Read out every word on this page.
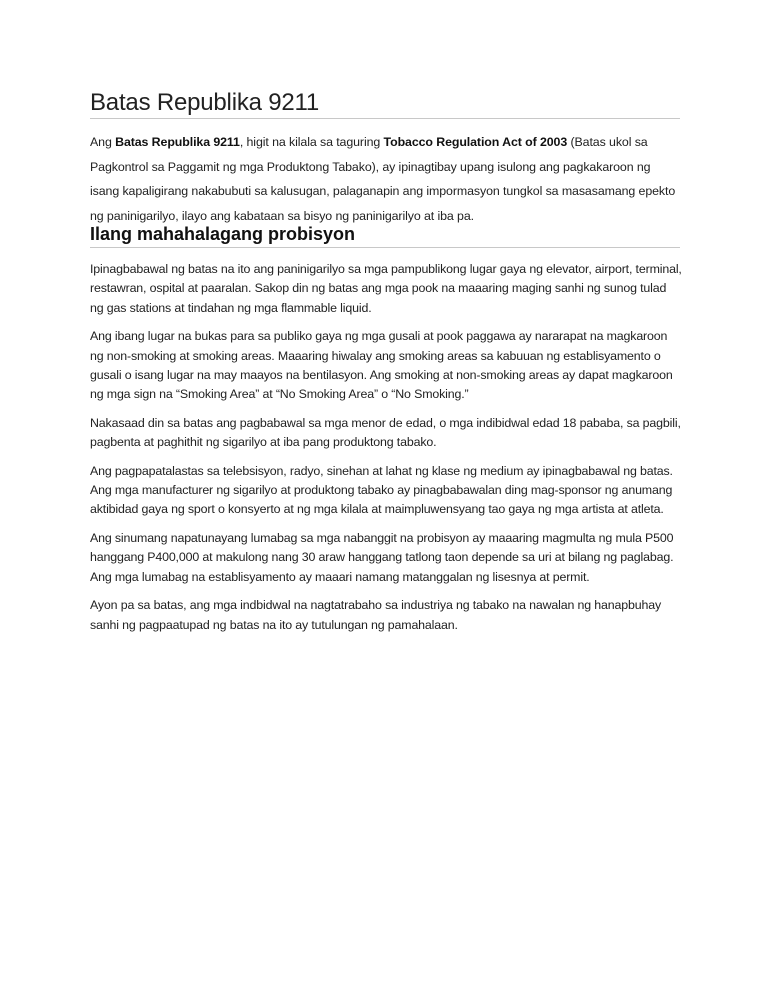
Batas Republika 9211

Ang Batas Republika 9211, higit na kilala sa taguring Tobacco Regulation Act of 2003 (Batas ukol sa Pagkontrol sa Paggamit ng mga Produktong Tabako), ay ipinagtibay upang isulong ang pagkakaroon ng isang kapaligirang nakabubuti sa kalusugan, palaganapin ang impormasyon tungkol sa masasamang epekto ng paninigarilyo, ilayo ang kabataan sa bisyo ng paninigarilyo at iba pa.

Ilang mahahalagang probisyon

Ipinagbabawal ng batas na ito ang paninigarilyo sa mga pampublikong lugar gaya ng elevator, airport, terminal, restawran, ospital at paaralan. Sakop din ng batas ang mga pook na maaaring maging sanhi ng sunog tulad ng gas stations at tindahan ng mga flammable liquid.

Ang ibang lugar na bukas para sa publiko gaya ng mga gusali at pook paggawa ay nararapat na magkaroon ng non-smoking at smoking areas. Maaaring hiwalay ang smoking areas sa kabuuan ng establisyamento o gusali o isang lugar na may maayos na bentilasyon. Ang smoking at non-smoking areas ay dapat magkaroon ng mga sign na “Smoking Area” at “No Smoking Area” o “No Smoking.”

Nakasaad din sa batas ang pagbabawal sa mga menor de edad, o mga indibidwal edad 18 pababa, sa pagbili, pagbenta at paghithit ng sigarilyo at iba pang produktong tabako.

Ang pagpapatalastas sa telebsisyon, radyo, sinehan at lahat ng klase ng medium ay ipinagbabawal ng batas. Ang mga manufacturer ng sigarilyo at produktong tabako ay pinagbabawalan ding mag-sponsor ng anumang aktibidad gaya ng sport o konsyerto at ng mga kilala at maimpluwensyang tao gaya ng mga artista at atleta.

Ang sinumang napatunayang lumabag sa mga nabanggit na probisyon ay maaaring magmulta ng mula P500 hanggang P400,000 at makulong nang 30 araw hanggang tatlong taon depende sa uri at bilang ng paglabag. Ang mga lumabag na establisyamento ay maaari namang matanggalan ng lisesnya at permit.

Ayon pa sa batas, ang mga indbidwal na nagtatrabaho sa industriya ng tabako na nawalan ng hanapbuhay sanhi ng pagpaatupad ng batas na ito ay tutulungan ng pamahalaan.
